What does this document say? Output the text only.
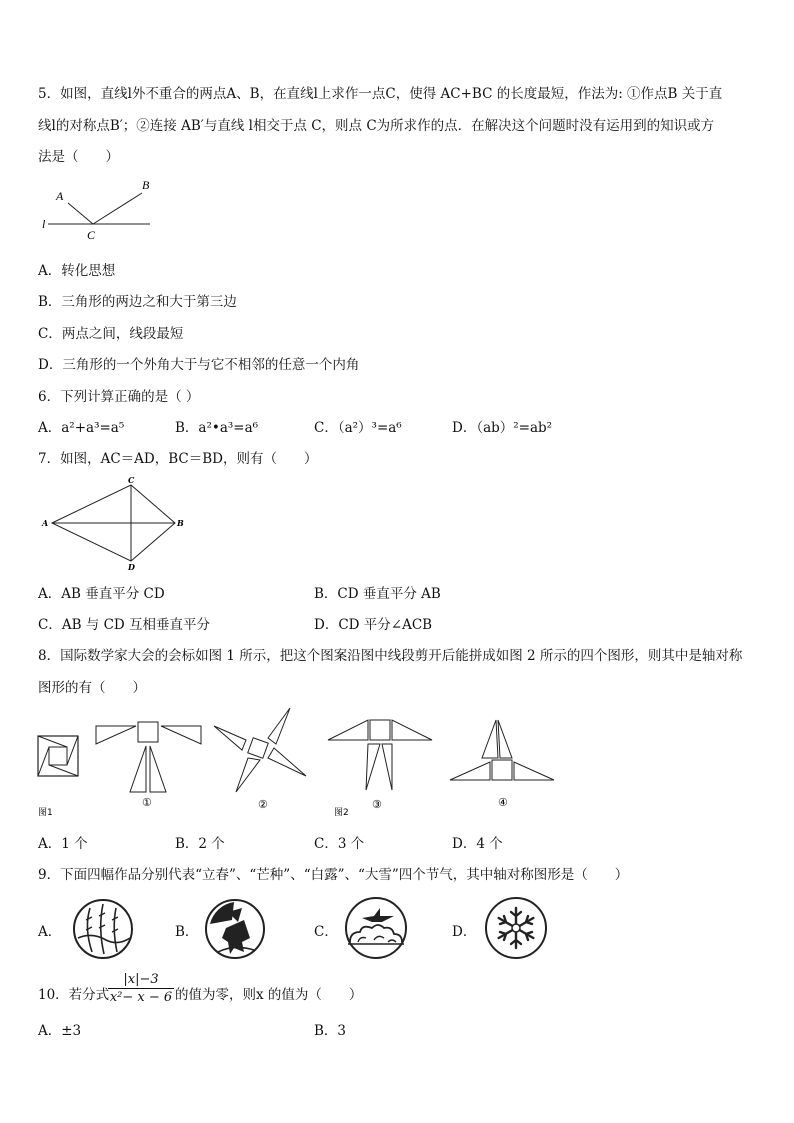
5．如图，直线l外不重合的两点A、B，在直线l上求作一点C，使得 AC+BC 的长度最短，作法为: ①作点B 关于直
线l的对称点B′；②连接 AB′与直线 l相交于点 C，则点 C为所求作的点．在解决这个问题时没有运用到的知识或方
法是（　　）
A
B
C
l
A．转化思想
B．三角形的两边之和大于第三边
C．两点之间，线段最短
D．三角形的一个外角大于与它不相邻的任意一个内角
6．下列计算正确的是（ ）
A．a²+a³=a⁵	B．a²•a³=a⁶	C．（a²）³=a⁶	D．（ab）²=ab²
7．如图，AC＝AD，BC＝BD，则有（　　）
A	B
C
D
A．AB 垂直平分 CD	B．CD 垂直平分 AB
C．AB 与 CD 互相垂直平分	D．CD 平分∠ACB
8．国际数学家大会的会标如图 1 所示，把这个图案沿图中线段剪开后能拼成如图 2 所示的四个图形，则其中是轴对称
图形的有（　　）
图1
①	②
图2
③	④
A．1 个	B．2 个	C．3 个	D．4 个
9．下面四幅作品分别代表“立春”、“芒种”、“白露”、“大雪”四个节气，其中轴对称图形是（　　）
A．	B．	C．	D．
10．若分式
$\frac{|x|-3}{\text{x²− x − 6}}$ 的值为零，则x 的值为（　　）
A．±3	B．3
